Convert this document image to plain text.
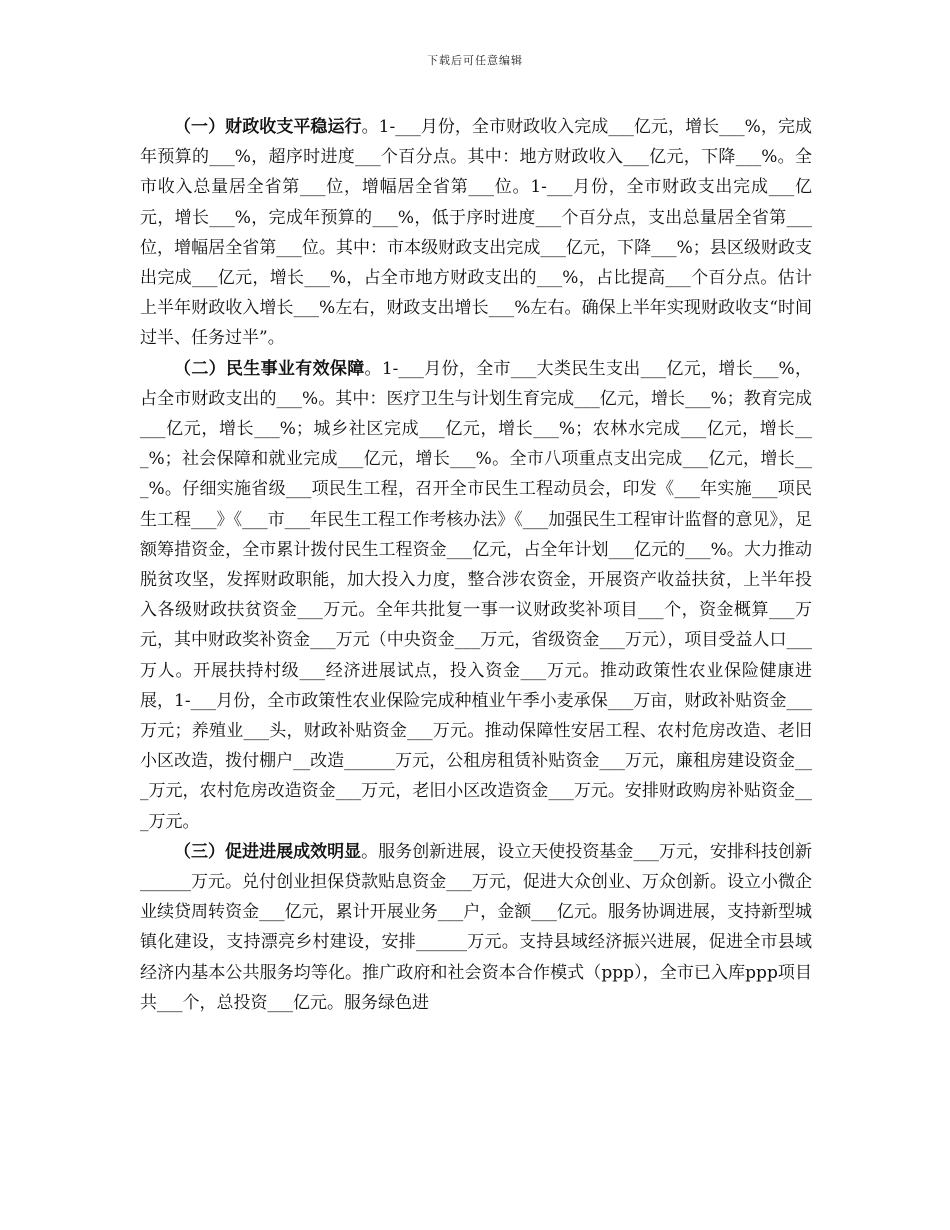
下载后可任意编辑

（一）财政收支平稳运行。1-___月份，全市财政收入完成___亿元，增长___%，完成年预算的___%，超序时进度___个百分点。其中：地方财政收入___亿元，下降___%。全市收入总量居全省第___位，增幅居全省第___位。1-___月份，全市财政支出完成___亿元，增长___%，完成年预算的___%，低于序时进度___个百分点，支出总量居全省第___位，增幅居全省第___位。其中：市本级财政支出完成___亿元，下降___%；县区级财政支出完成___亿元，增长___%，占全市地方财政支出的___%，占比提高___个百分点。估计上半年财政收入增长___%左右，财政支出增长___%左右。确保上半年实现财政收支“时间过半、任务过半”。

（二）民生事业有效保障。1-___月份，全市___大类民生支出___亿元，增长___%，占全市财政支出的___%。其中：医疗卫生与计划生育完成___亿元，增长___%；教育完成___亿元，增长___%；城乡社区完成___亿元，增长___%；农林水完成___亿元，增长___%；社会保障和就业完成___亿元，增长___%。全市八项重点支出完成___亿元，增长___%。仔细实施省级___项民生工程，召开全市民生工程动员会，印发《___年实施___项民生工程___》《___市___年民生工程工作考核办法》《___加强民生工程审计监督的意见》，足额筹措资金，全市累计拨付民生工程资金___亿元，占全年计划___亿元的___%。大力推动脱贫攻坚，发挥财政职能，加大投入力度，整合涉农资金，开展资产收益扶贫，上半年投入各级财政扶贫资金___万元。全年共批复一事一议财政奖补项目___个，资金概算___万元，其中财政奖补资金___万元（中央资金___万元，省级资金___万元），项目受益人口___万人。开展扶持村级___经济进展试点，投入资金___万元。推动政策性农业保险健康进展，1-___月份，全市政策性农业保险完成种植业午季小麦承保___万亩，财政补贴资金___万元；养殖业___头，财政补贴资金___万元。推动保障性安居工程、农村危房改造、老旧小区改造，拨付棚户__改造______万元，公租房租赁补贴资金___万元，廉租房建设资金___万元，农村危房改造资金___万元，老旧小区改造资金___万元。安排财政购房补贴资金___万元。

（三）促进进展成效明显。服务创新进展，设立天使投资基金___万元，安排科技创新______万元。兑付创业担保贷款贴息资金___万元，促进大众创业、万众创新。设立小微企业续贷周转资金___亿元，累计开展业务___户，金额___亿元。服务协调进展，支持新型城镇化建设，支持漂亮乡村建设，安排______万元。支持县域经济振兴进展，促进全市县域经济内基本公共服务均等化。推广政府和社会资本合作模式（ppp），全市已入库ppp项目共___个，总投资___亿元。服务绿色进
